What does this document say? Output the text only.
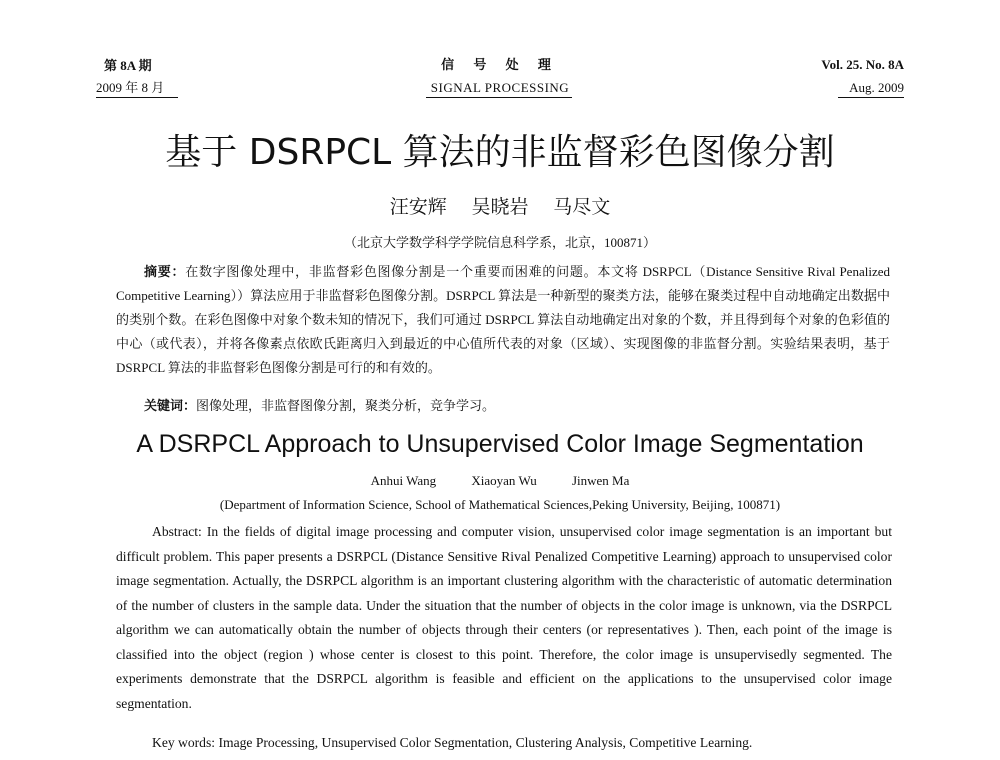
第 8A 期
2009 年 8 月
信 号 处 理
SIGNAL PROCESSING
Vol. 25. No. 8A
Aug. 2009
基于 DSRPCL 算法的非监督彩色图像分割
汪安辉 吴晓岩 马尽文
（北京大学数学科学学院信息科学系，北京，100871）
摘要：在数字图像处理中，非监督彩色图像分割是一个重要而困难的问题。本文将 DSRPCL（Distance Sensitive Rival Penalized Competitive Learning））算法应用于非监督彩色图像分割。DSRPCL 算法是一种新型的聚类方法，能够在聚类过程中自动地确定出数据中的类别个数。在彩色图像中对象个数未知的情况下，我们可通过 DSRPCL 算法自动地确定出对象的个数，并且得到每个对象的色彩值的中心（或代表），并将各像素点依欧氏距离归入到最近的中心值所代表的对象（区域）、实现图像的非监督分割。实验结果表明，基于 DSRPCL 算法的非监督彩色图像分割是可行的和有效的。
关键词：图像处理，非监督图像分割，聚类分析，竞争学习。
A DSRPCL Approach to Unsupervised Color Image Segmentation
Anhui Wang	Xiaoyan Wu	Jinwen Ma
(Department of Information Science, School of Mathematical Sciences,Peking University, Beijing, 100871)
Abstract: In the fields of digital image processing and computer vision, unsupervised color image segmentation is an important but difficult problem. This paper presents a DSRPCL (Distance Sensitive Rival Penalized Competitive Learning) approach to unsupervised color image segmentation. Actually, the DSRPCL algorithm is an important clustering algorithm with the characteristic of automatic determination of the number of clusters in the sample data. Under the situation that the number of objects in the color image is unknown, via the DSRPCL algorithm we can automatically obtain the number of objects through their centers (or representatives ). Then, each point of the image is classified into the object (region ) whose center is closest to this point. Therefore, the color image is unsupervisedly segmented. The experiments demonstrate that the DSRPCL algorithm is feasible and efficient on the applications to the unsupervised color image segmentation.
Key words: Image Processing, Unsupervised Color Segmentation, Clustering Analysis, Competitive Learning.
